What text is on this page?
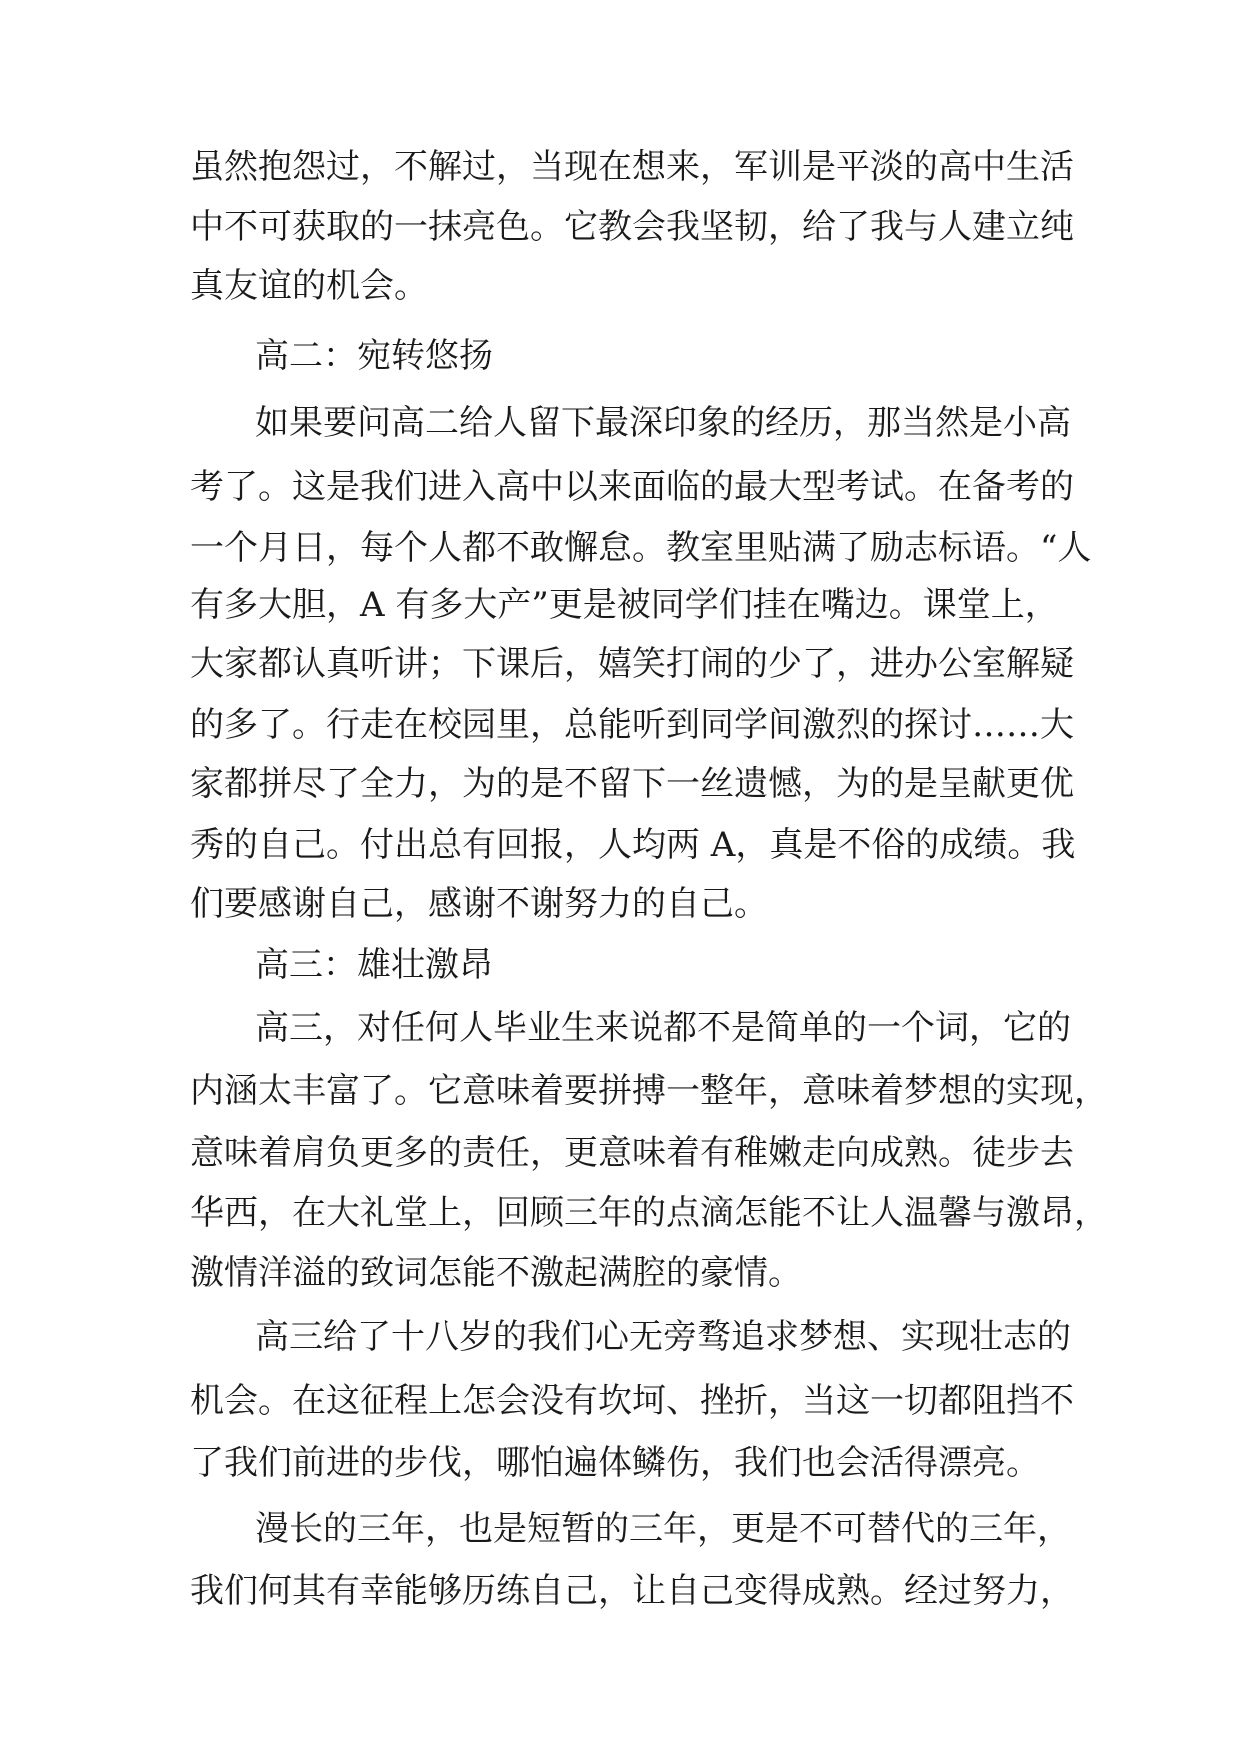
虽然抱怨过，不解过，当现在想来，军训是平淡的高中生活
中不可获取的一抹亮色。它教会我坚韧，给了我与人建立纯
真友谊的机会。
高二：宛转悠扬
如果要问高二给人留下最深印象的经历，那当然是小高
考了。这是我们进入高中以来面临的最大型考试。在备考的
一个月日，每个人都不敢懈怠。教室里贴满了励志标语。“人
有多大胆，A 有多大产”更是被同学们挂在嘴边。课堂上，
大家都认真听讲；下课后，嬉笑打闹的少了，进办公室解疑
的多了。行走在校园里，总能听到同学间激烈的探讨……大
家都拼尽了全力，为的是不留下一丝遗憾，为的是呈献更优
秀的自己。付出总有回报，人均两 A，真是不俗的成绩。我
们要感谢自己，感谢不谢努力的自己。
高三：雄壮激昂
高三，对任何人毕业生来说都不是简单的一个词，它的
内涵太丰富了。它意味着要拼搏一整年，意味着梦想的实现，
意味着肩负更多的责任，更意味着有稚嫩走向成熟。徒步去
华西，在大礼堂上，回顾三年的点滴怎能不让人温馨与激昂，
激情洋溢的致词怎能不激起满腔的豪情。
高三给了十八岁的我们心无旁骛追求梦想、实现壮志的
机会。在这征程上怎会没有坎坷、挫折，当这一切都阻挡不
了我们前进的步伐，哪怕遍体鳞伤，我们也会活得漂亮。
漫长的三年，也是短暂的三年，更是不可替代的三年，
我们何其有幸能够历练自己，让自己变得成熟。经过努力，
